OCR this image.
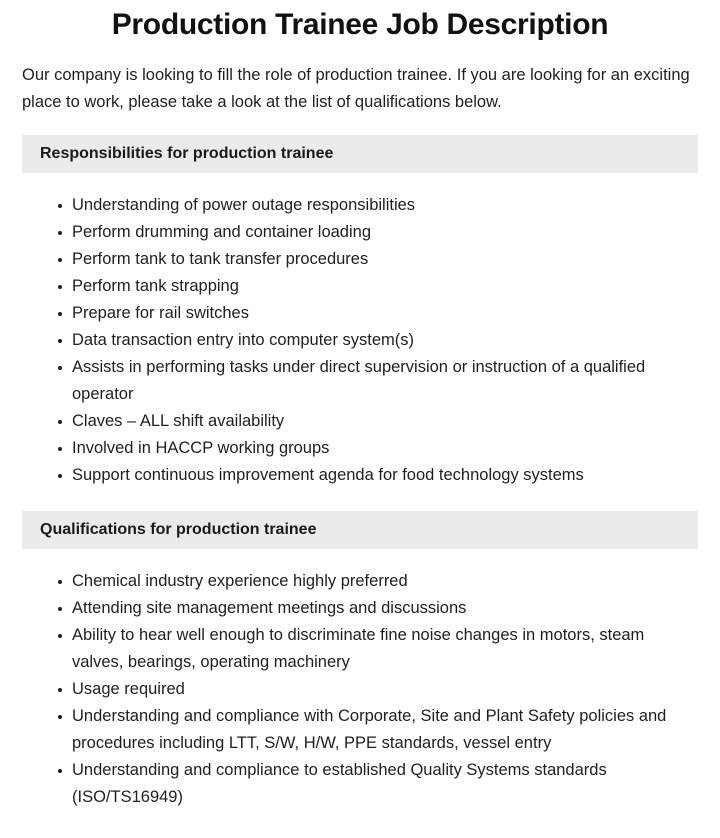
Production Trainee Job Description

Our company is looking to fill the role of production trainee. If you are looking for an exciting place to work, please take a look at the list of qualifications below.

Responsibilities for production trainee
Understanding of power outage responsibilities
Perform drumming and container loading
Perform tank to tank transfer procedures
Perform tank strapping
Prepare for rail switches
Data transaction entry into computer system(s)
Assists in performing tasks under direct supervision or instruction of a qualified operator
Claves – ALL shift availability
Involved in HACCP working groups
Support continuous improvement agenda for food technology systems
Qualifications for production trainee
Chemical industry experience highly preferred
Attending site management meetings and discussions
Ability to hear well enough to discriminate fine noise changes in motors, steam valves, bearings, operating machinery
Usage required
Understanding and compliance with Corporate, Site and Plant Safety policies and procedures including LTT, S/W, H/W, PPE standards, vessel entry
Understanding and compliance to established Quality Systems standards (ISO/TS16949)
